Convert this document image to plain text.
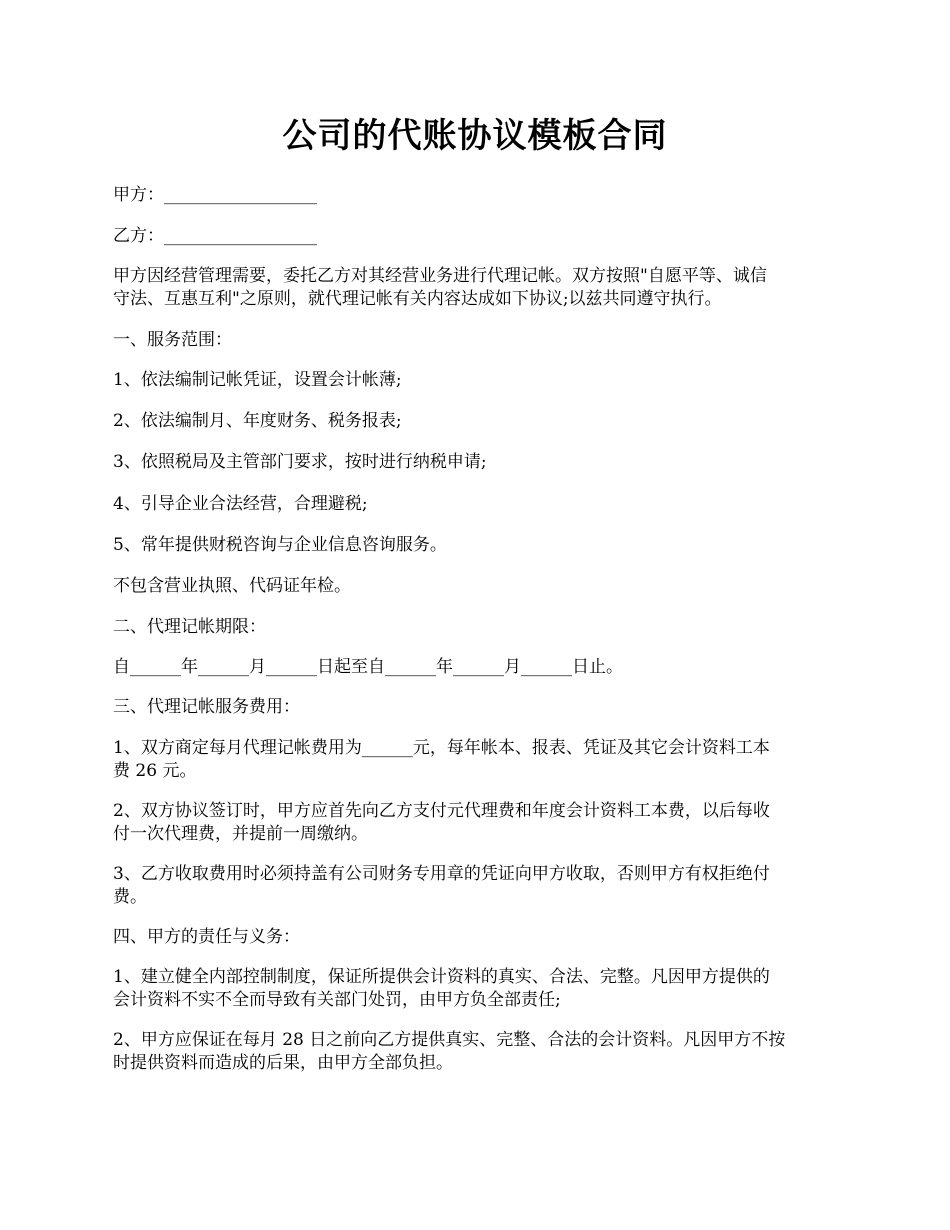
公司的代账协议模板合同

甲方：__________________

乙方：__________________

甲方因经营管理需要，委托乙方对其经营业务进行代理记帐。双方按照"自愿平等、诚信

守法、互惠互利"之原则，就代理记帐有关内容达成如下协议;以兹共同遵守执行。

一、服务范围：

1、依法编制记帐凭证，设置会计帐薄;

2、依法编制月、年度财务、税务报表;

3、依照税局及主管部门要求，按时进行纳税申请;

4、引导企业合法经营，合理避税;

5、常年提供财税咨询与企业信息咨询服务。

不包含营业执照、代码证年检。

二、代理记帐期限：

自______年______月______日起至自______年______月______日止。

三、代理记帐服务费用：

1、双方商定每月代理记帐费用为______元，每年帐本、报表、凭证及其它会计资料工本

费 26 元。

2、双方协议签订时，甲方应首先向乙方支付元代理费和年度会计资料工本费，以后每收

付一次代理费，并提前一周缴纳。

3、乙方收取费用时必须持盖有公司财务专用章的凭证向甲方收取，否则甲方有权拒绝付

费。

四、甲方的责任与义务：

1、建立健全内部控制制度，保证所提供会计资料的真实、合法、完整。凡因甲方提供的

会计资料不实不全而导致有关部门处罚，由甲方负全部责任;

2、甲方应保证在每月 28 日之前向乙方提供真实、完整、合法的会计资料。凡因甲方不按

时提供资料而造成的后果，由甲方全部负担。
